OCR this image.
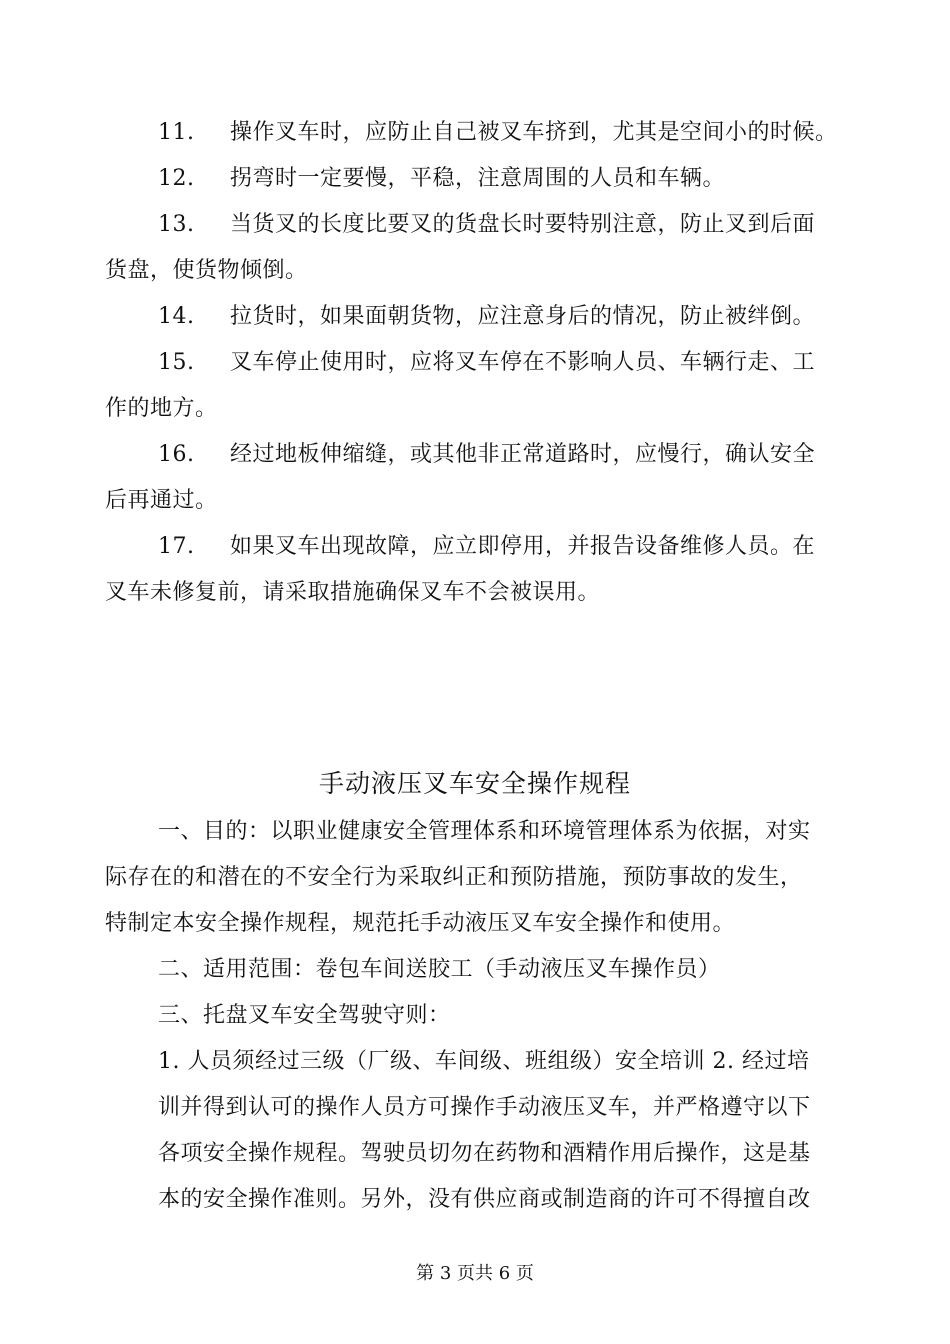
11. 操作叉车时，应防止自己被叉车挤到，尤其是空间小的时候。
12. 拐弯时一定要慢，平稳，注意周围的人员和车辆。
13. 当货叉的长度比要叉的货盘长时要特别注意，防止叉到后面
货盘，使货物倾倒。
14. 拉货时，如果面朝货物，应注意身后的情况，防止被绊倒。
15. 叉车停止使用时，应将叉车停在不影响人员、车辆行走、工
作的地方。
16. 经过地板伸缩缝，或其他非正常道路时，应慢行，确认安全
后再通过。
17. 如果叉车出现故障，应立即停用，并报告设备维修人员。在
叉车未修复前，请采取措施确保叉车不会被误用。
手动液压叉车安全操作规程
一、目的：以职业健康安全管理体系和环境管理体系为依据，对实
际存在的和潜在的不安全行为采取纠正和预防措施，预防事故的发生，
特制定本安全操作规程，规范托手动液压叉车安全操作和使用。
二、适用范围：卷包车间送胶工（手动液压叉车操作员）
三、托盘叉车安全驾驶守则：
1. 人员须经过三级（厂级、车间级、班组级）安全培训 2. 经过培
训并得到认可的操作人员方可操作手动液压叉车，并严格遵守以下
各项安全操作规程。驾驶员切勿在药物和酒精作用后操作，这是基
本的安全操作准则。另外，没有供应商或制造商的许可不得擅自改
第 3 页共 6 页
